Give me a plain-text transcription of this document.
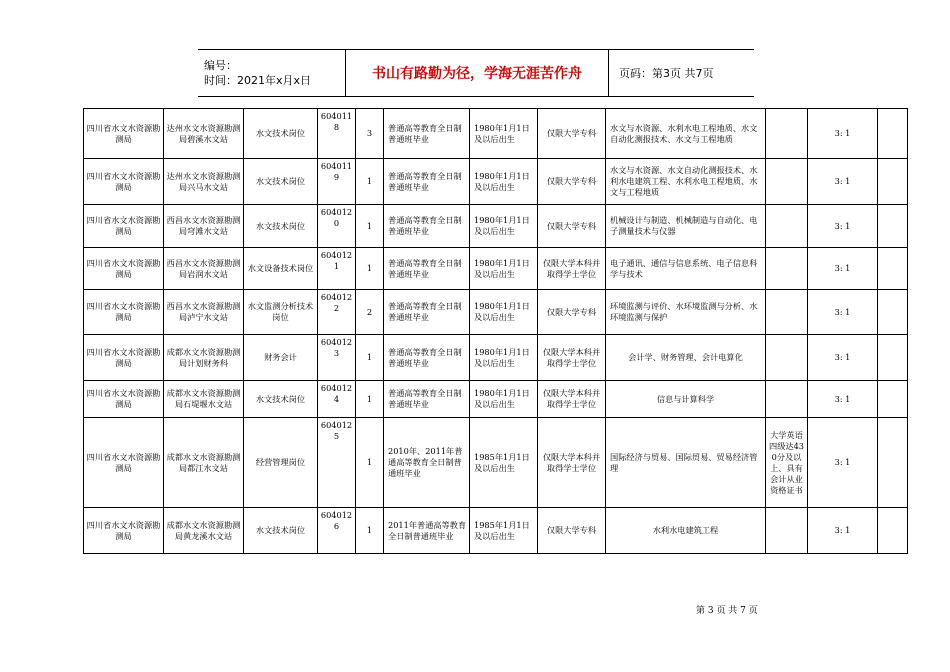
编号：
时间：2021年x月x日	书山有路勤为径，学海无涯苦作舟	页码：第3页 共7页
四川省水文水资源勘测局	达州水文水资源勘测局碧溪水文站	水文技术岗位	6040118	3	普通高等教育全日制普通班毕业	1980年1月1日及以后出生	仅限大学专科	水文与水资源、水利水电工程地质、水文自动化测报技术、水文与工程地质		3: 1	
四川省水文水资源勘测局	达州水文水资源勘测局兴马水文站	水文技术岗位	6040119	1	普通高等教育全日制普通班毕业	1980年1月1日及以后出生	仅限大学专科	水文与水资源、水文自动化测报技术、水利水电建筑工程、水利水电工程地质、水文与工程地质		3: 1	
四川省水文水资源勘测局	西昌水文水资源勘测局穹滩水文站	水文技术岗位	6040120	1	普通高等教育全日制普通班毕业	1980年1月1日及以后出生	仅限大学专科	机械设计与制造、机械制造与自动化、电子测量技术与仪器		3: 1	
四川省水文水资源勘测局	西昌水文水资源勘测局岩润水文站	水文设备技术岗位	6040121	1	普通高等教育全日制普通班毕业	1980年1月1日及以后出生	仅限大学本科并取得学士学位	电子通讯、通信与信息系统、电子信息科学与技术		3: 1	
四川省水文水资源勘测局	西昌水文水资源勘测局泸宁水文站	水文监测分析技术岗位	6040122	2	普通高等教育全日制普通班毕业	1980年1月1日及以后出生	仅限大学专科	环境监测与评价、水环境监测与分析、水环境监测与保护		3: 1	
四川省水文水资源勘测局	成都水文水资源勘测局计划财务科	财务会计	6040123	1	普通高等教育全日制普通班毕业	1980年1月1日及以后出生	仅限大学本科并取得学士学位	会计学、财务管理、会计电算化		3: 1	
四川省水文水资源勘测局	成都水文水资源勘测局石堤堰水文站	水文技术岗位	6040124	1	普通高等教育全日制普通班毕业	1980年1月1日及以后出生	仅限大学本科并取得学士学位	信息与计算科学		3: 1	
四川省水文水资源勘测局	成都水文水资源勘测局都江水文站	经营管理岗位	6040125	1	2010年、2011年普通高等教育全日制普通班毕业	1985年1月1日及以后出生	仅限大学本科并取得学士学位	国际经济与贸易、国际贸易、贸易经济管理	大学英语四级达430分及以上、具有会计从业资格证书	3: 1	
四川省水文水资源勘测局	成都水文水资源勘测局黄龙溪水文站	水文技术岗位	6040126	1	2011年普通高等教育全日制普通班毕业	1985年1月1日及以后出生	仅限大学专科	水利水电建筑工程		3: 1	
第 3 页 共 7 页
